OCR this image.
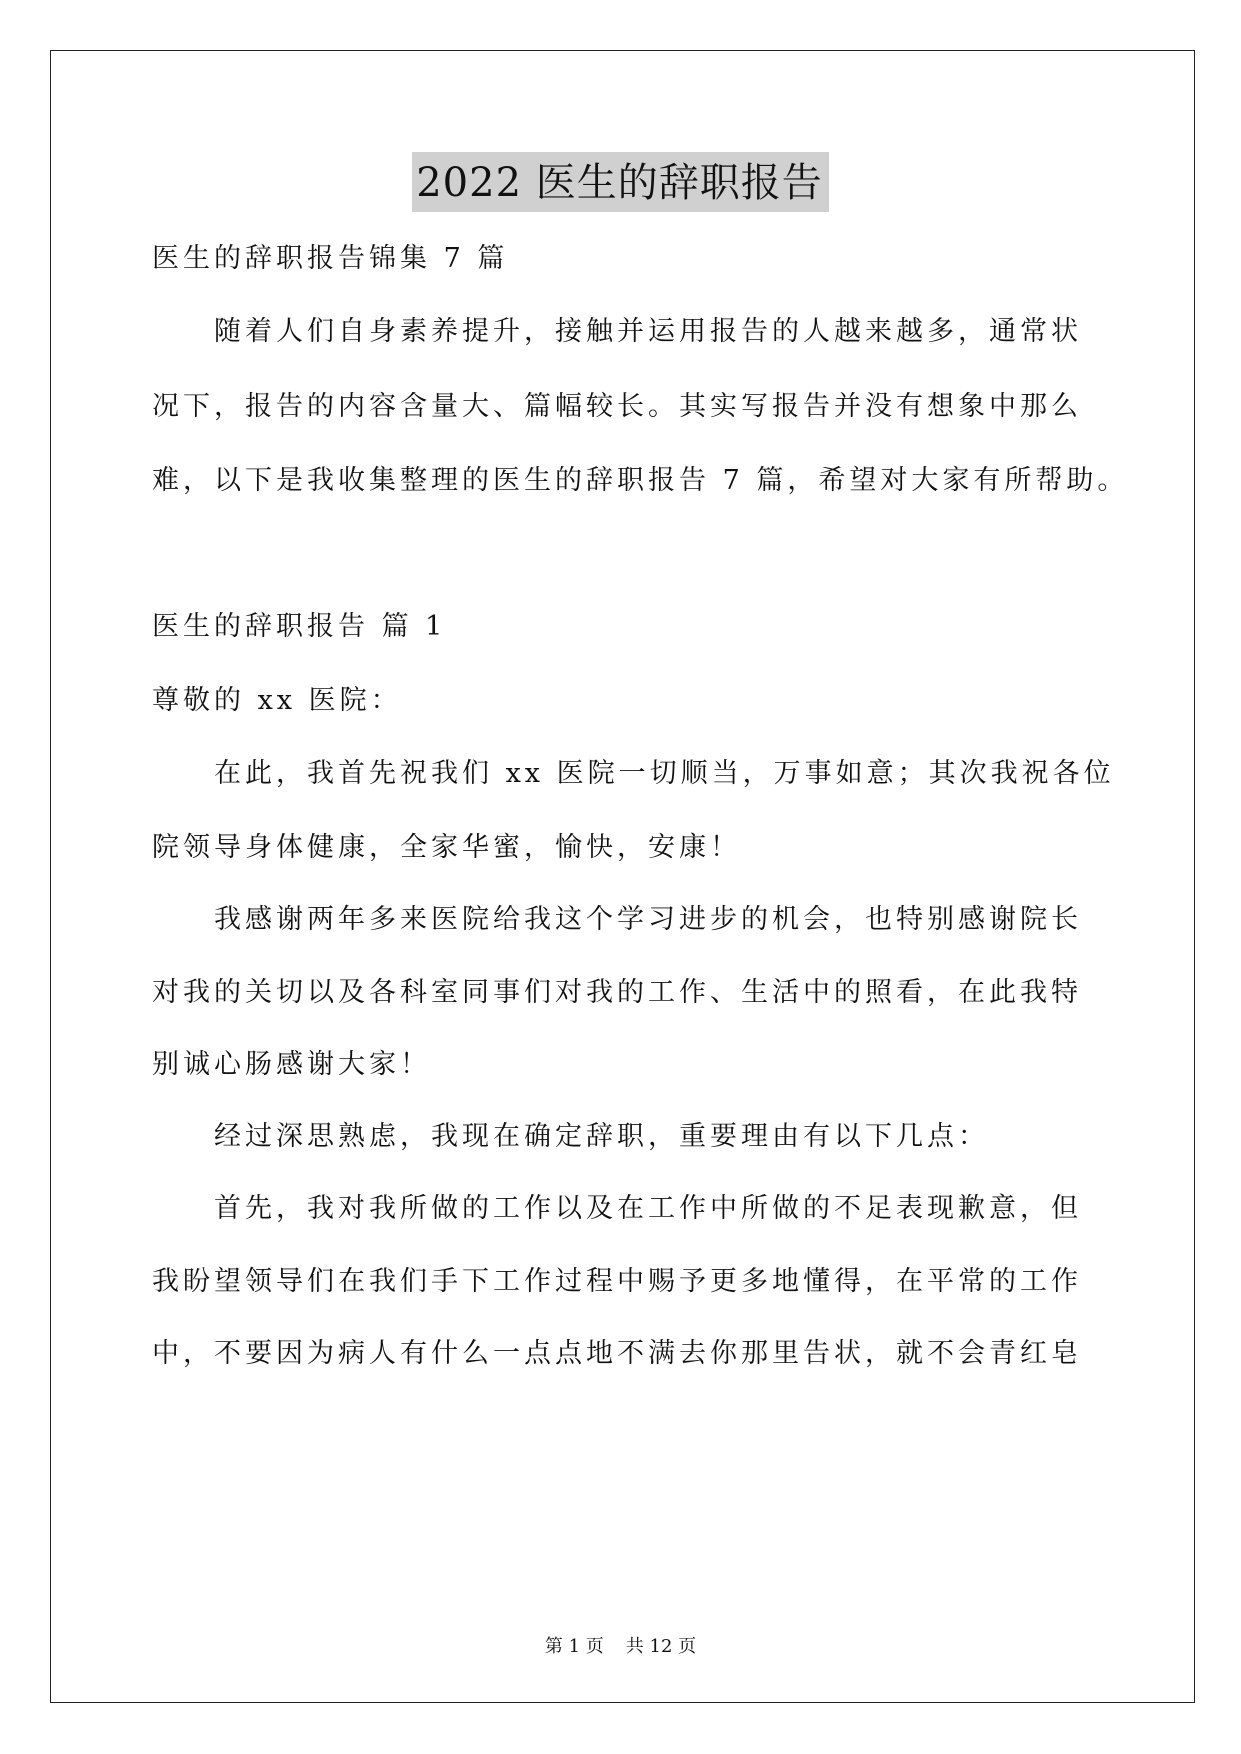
2022 医生的辞职报告
医生的辞职报告锦集 7 篇
随着人们自身素养提升，接触并运用报告的人越来越多，通常状
况下，报告的内容含量大、篇幅较长。其实写报告并没有想象中那么
难，以下是我收集整理的医生的辞职报告 7 篇，希望对大家有所帮助。
医生的辞职报告 篇 1
尊敬的 xx 医院：
在此，我首先祝我们 xx 医院一切顺当，万事如意；其次我祝各位
院领导身体健康，全家华蜜，愉快，安康！
我感谢两年多来医院给我这个学习进步的机会，也特别感谢院长
对我的关切以及各科室同事们对我的工作、生活中的照看，在此我特
别诚心肠感谢大家！
经过深思熟虑，我现在确定辞职，重要理由有以下几点：
首先，我对我所做的工作以及在工作中所做的不足表现歉意，但
我盼望领导们在我们手下工作过程中赐予更多地懂得，在平常的工作
中，不要因为病人有什么一点点地不满去你那里告状，就不会青红皂
第 1 页 共 12 页
